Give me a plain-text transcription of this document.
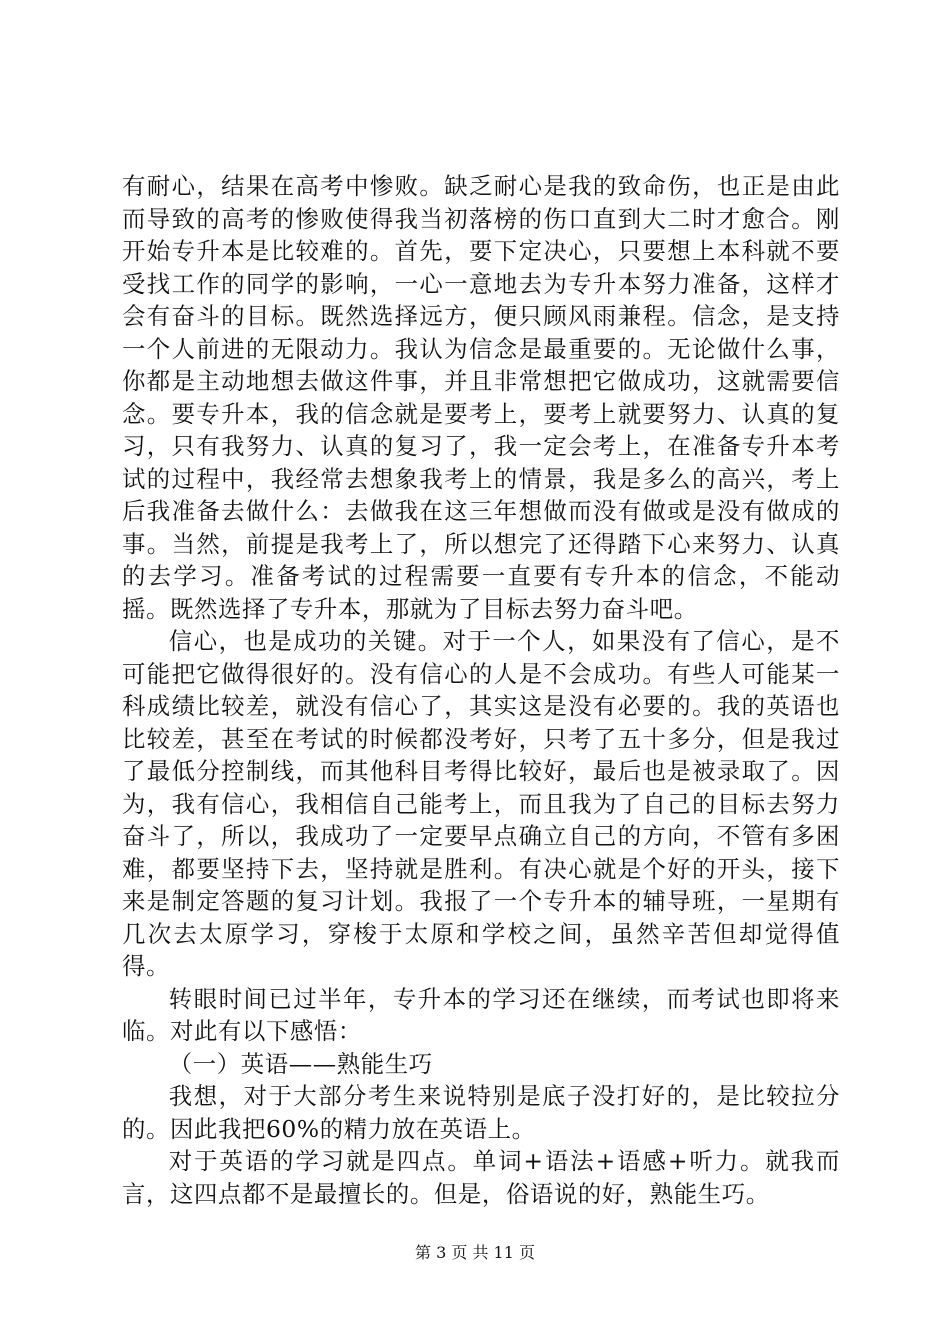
有耐心，结果在高考中惨败。缺乏耐心是我的致命伤，也正是由此而导致的高考的惨败使得我当初落榜的伤口直到大二时才愈合。刚开始专升本是比较难的。首先，要下定决心，只要想上本科就不要受找工作的同学的影响，一心一意地去为专升本努力准备，这样才会有奋斗的目标。既然选择远方，便只顾风雨兼程。信念，是支持一个人前进的无限动力。我认为信念是最重要的。无论做什么事，你都是主动地想去做这件事，并且非常想把它做成功，这就需要信念。要专升本，我的信念就是要考上，要考上就要努力、认真的复习，只有我努力、认真的复习了，我一定会考上，在准备专升本考试的过程中，我经常去想象我考上的情景，我是多么的高兴，考上后我准备去做什么：去做我在这三年想做而没有做或是没有做成的事。当然，前提是我考上了，所以想完了还得踏下心来努力、认真的去学习。准备考试的过程需要一直要有专升本的信念，不能动摇。既然选择了专升本，那就为了目标去努力奋斗吧。

信心，也是成功的关键。对于一个人，如果没有了信心，是不可能把它做得很好的。没有信心的人是不会成功。有些人可能某一科成绩比较差，就没有信心了，其实这是没有必要的。我的英语也比较差，甚至在考试的时候都没考好，只考了五十多分，但是我过了最低分控制线，而其他科目考得比较好，最后也是被录取了。因为，我有信心，我相信自己能考上，而且我为了自己的目标去努力奋斗了，所以，我成功了一定要早点确立自己的方向，不管有多困难，都要坚持下去，坚持就是胜利。有决心就是个好的开头，接下来是制定答题的复习计划。我报了一个专升本的辅导班，一星期有几次去太原学习，穿梭于太原和学校之间，虽然辛苦但却觉得值得。

转眼时间已过半年，专升本的学习还在继续，而考试也即将来临。对此有以下感悟：

（一）英语——熟能生巧

我想，对于大部分考生来说特别是底子没打好的，是比较拉分的。因此我把60%的精力放在英语上。

对于英语的学习就是四点。单词+语法+语感+听力。就我而言，这四点都不是最擅长的。但是，俗语说的好，熟能生巧。

第 3 页 共 11 页
